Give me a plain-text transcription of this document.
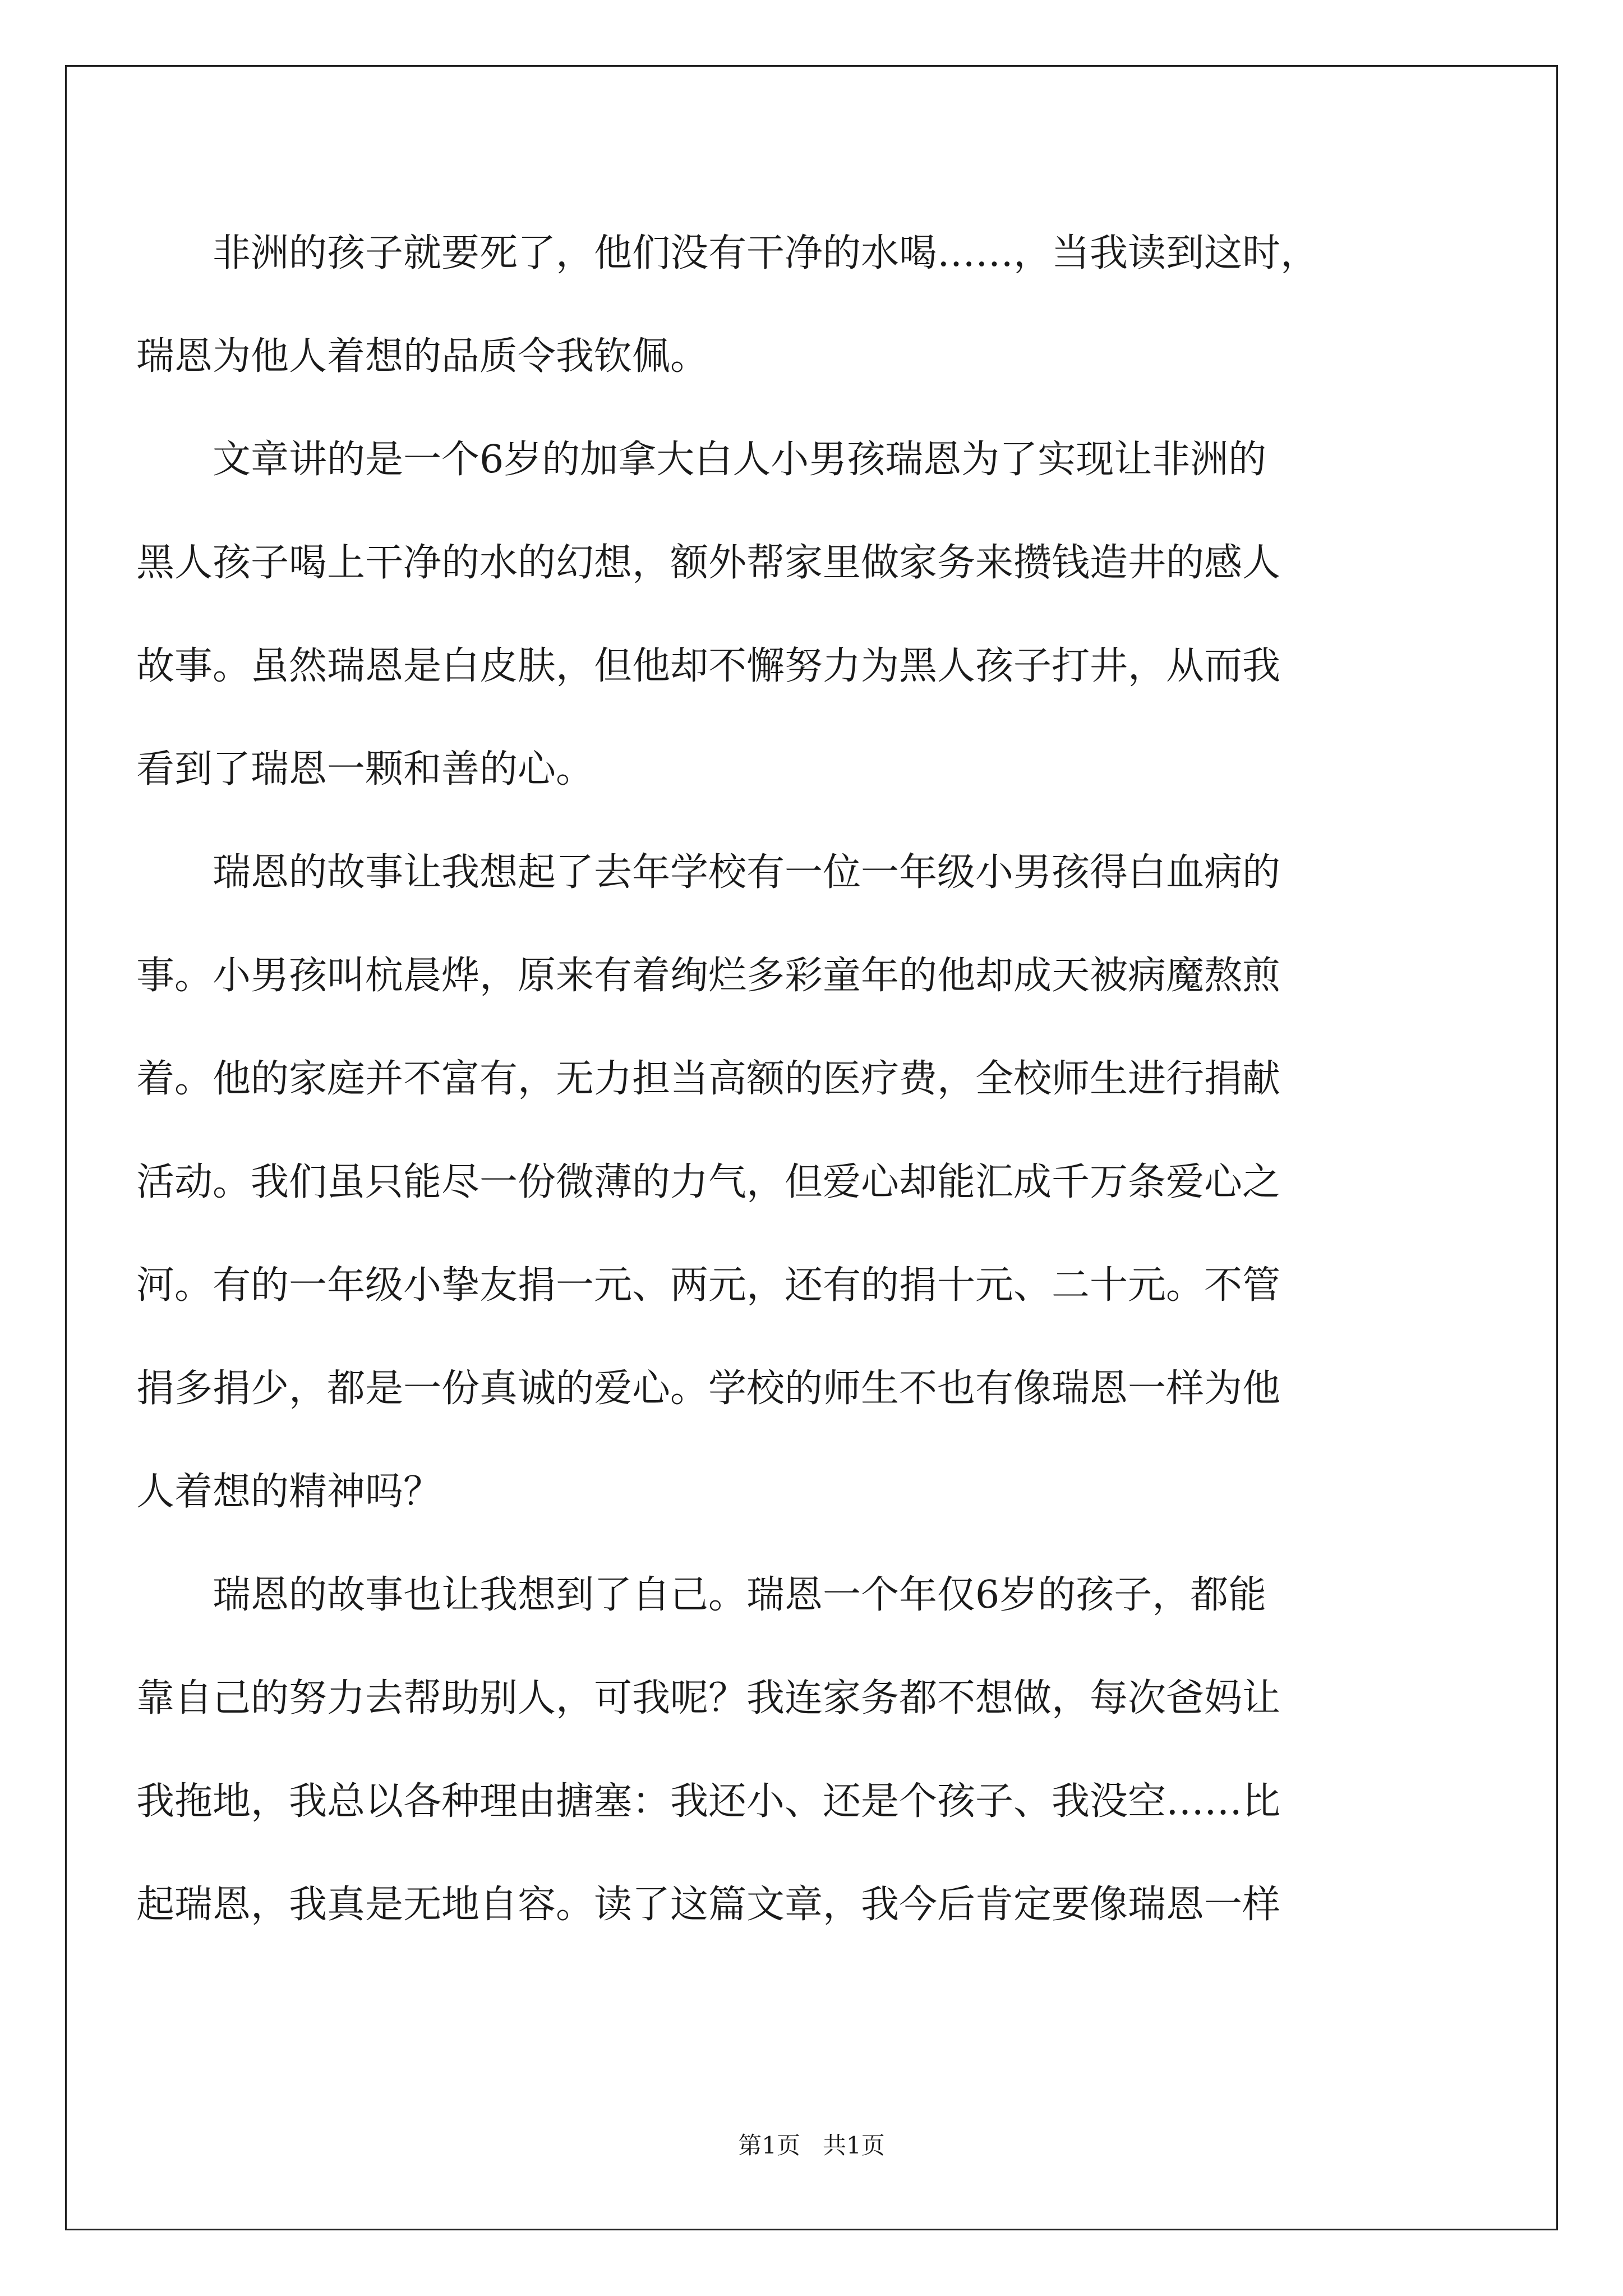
非洲的孩子就要死了，他们没有干净的水喝……，当我读到这时，
瑞恩为他人着想的品质令我钦佩。

文章讲的是一个6岁的加拿大白人小男孩瑞恩为了实现让非洲的
黑人孩子喝上干净的水的幻想，额外帮家里做家务来攒钱造井的感人
故事。虽然瑞恩是白皮肤，但他却不懈努力为黑人孩子打井，从而我
看到了瑞恩一颗和善的心。

瑞恩的故事让我想起了去年学校有一位一年级小男孩得白血病的
事。小男孩叫杭晨烨，原来有着绚烂多彩童年的他却成天被病魔熬煎
着。他的家庭并不富有，无力担当高额的医疗费，全校师生进行捐献
活动。我们虽只能尽一份微薄的力气，但爱心却能汇成千万条爱心之
河。有的一年级小挚友捐一元、两元，还有的捐十元、二十元。不管
捐多捐少，都是一份真诚的爱心。学校的师生不也有像瑞恩一样为他
人着想的精神吗？

瑞恩的故事也让我想到了自己。瑞恩一个年仅6岁的孩子，都能
靠自己的努力去帮助别人，可我呢？我连家务都不想做，每次爸妈让
我拖地，我总以各种理由搪塞：我还小、还是个孩子、我没空……比
起瑞恩，我真是无地自容。读了这篇文章，我今后肯定要像瑞恩一样

第1页 共1页
